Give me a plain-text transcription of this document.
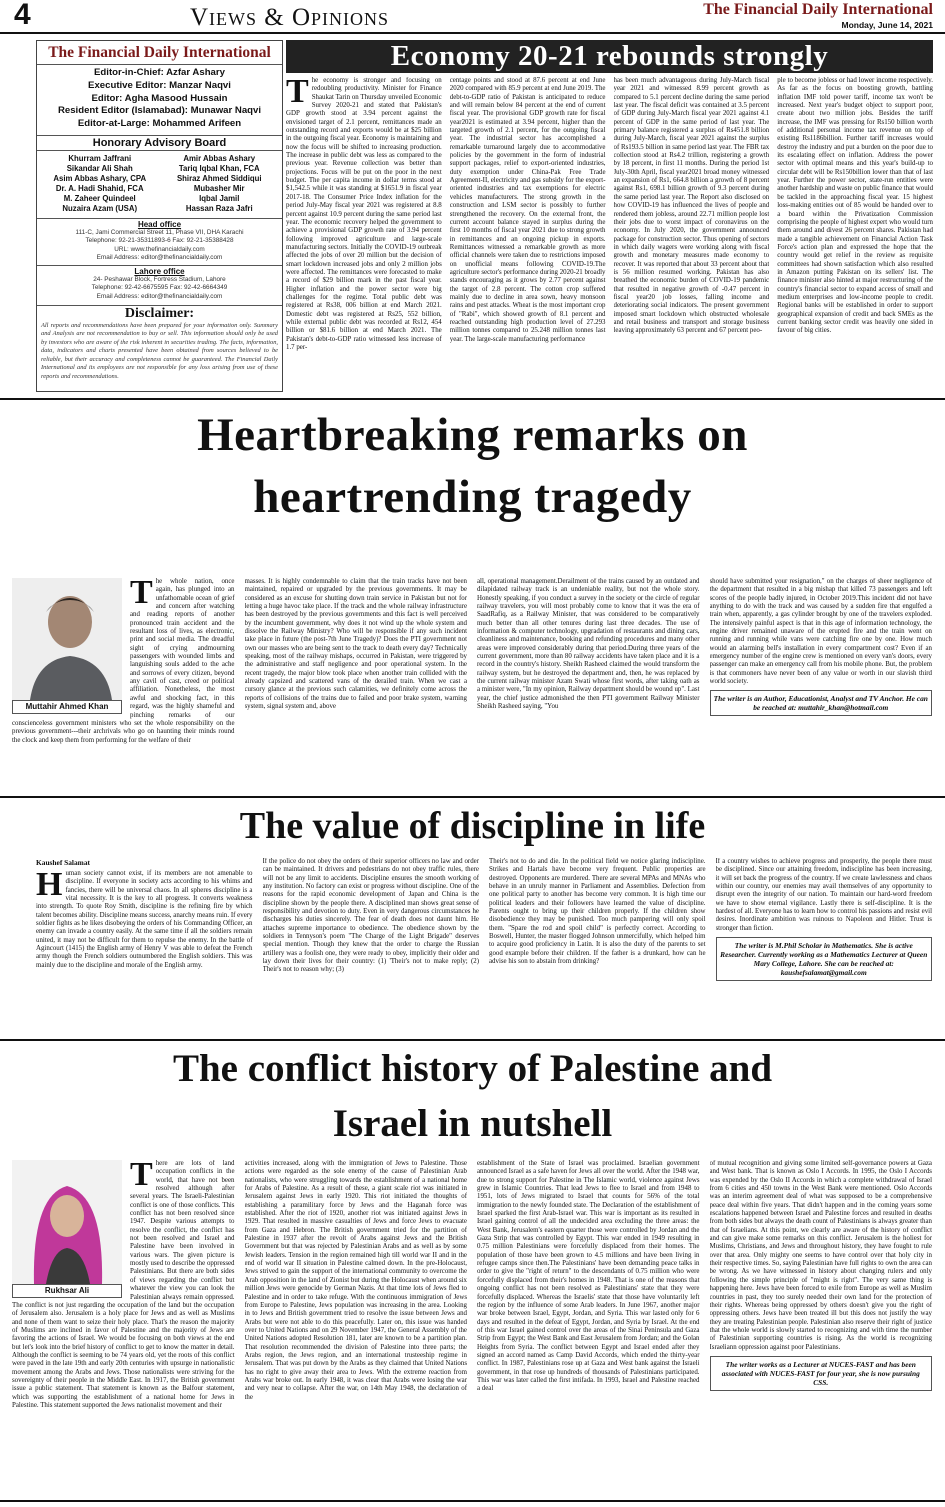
4	Views & Opinions	The Financial Daily International
Monday, June 14, 2021
The Financial Daily International
Editor-in-Chief: Azfar Ashary
Executive Editor: Manzar Naqvi
Editor: Agha Masood Hussain
Resident Editor (Islamabad): Munawar Naqvi
Editor-at-Large: Mohammed Arifeen
Honorary Advisory Board
Khurram Jaffrani
Sikandar Ali Shah
Asim Abbas Ashary, CPA
Dr. A. Hadi Shahid, FCA
M. Zaheer Quindeel
Nuzaira Azam (USA)
Amir Abbas Ashary
Tariq Iqbal Khan, FCA
Shiraz Ahmed Siddiqui
Mubasher Mir
Iqbal Jamil
Hassan Raza Jafri
Head office
111-C, Jami Commercial Street 11, Phase VII, DHA Karachi
Telephone: 92-21-35311893-6 Fax: 92-21-35388428
URL: www.thefinancialdaily.com
Email Address: editor@thefinancialdaily.com
Lahore office
24- Peshawar Block, Fortress Stadium, Lahore
Telephone: 92-42-6675595 Fax: 92-42-6664349
Email Address: editor@thefinancialdaily.com
Disclaimer:
All reports and recommendations have been prepared for your information only. Summary and Analysis are not recommendation to buy or sell. This information should only be used by investors who are aware of the risk inherent in securities trading. The facts, information, data, indicators and charts presented have been obtained from sources believed to be reliable, but their accuracy and completeness cannot be guaranteed. The Financial Daily International and its employees are not responsible for any loss arising from use of these reports and recommendations.
Economy 20-21 rebounds strongly

The economy is stronger and focusing on redoubling productivity. Minister for Finance Shaukat Tarin on Thursday unveiled Economic Survey 2020-21 and stated that Pakistan's GDP growth stood at 3.94 percent against the envisioned target of 2.1 percent, remittances made an outstanding record and exports would be at $25 billion in the outgoing fiscal year. Economy is maintaining and now the focus will be shifted to increasing production. The increase in public debt was less as compared to the previous year. Revenue collection was better than projections. Focus will be put on the poor in the next budget. The per capita income in dollar terms stood at $1,542.5 while it was standing at $1651.9 in fiscal year 2017-18. The Consumer Price Index inflation for the period July-May fiscal year 2021 was registered at 8.8 percent against 10.9 percent during the same period last year. The economic recovery helped the government to achieve a provisional GDP growth rate of 3.94 percent following improved agriculture and large-scale manufacturing sectors. Initially the COVID-19 outbreak affected the jobs of over 20 million but the decision of smart lockdown increased jobs and only 2 million jobs were affected. The remittances were forecasted to make a record of $29 billion mark in the past fiscal year. Higher inflation and the power sector were big challenges for the regime. Total public debt was registered at Rs38, 006 billion at end March 2021. Domestic debt was registered at Rs25, 552 billion, while external public debt was recorded at Rs12, 454 billion or $81.6 billion at end March 2021. The Pakistan's debt-to-GDP ratio witnessed less increase of 1.7 per-

centage points and stood at 87.6 percent at end June 2020 compared with 85.9 percent at end June 2019. The debt-to-GDP ratio of Pakistan is anticipated to reduce and will remain below 84 percent at the end of current fiscal year. The provisional GDP growth rate for fiscal year2021 is estimated at 3.94 percent, higher than the targeted growth of 2.1 percent, for the outgoing fiscal year. The industrial sector has accomplished a remarkable turnaround largely due to accommodative policies by the government in the form of industrial support packages, relief to export-oriented industries, duty exemption under China-Pak Free Trade Agreement-II, electricity and gas subsidy for the export-oriented industries and tax exemptions for electric vehicles manufacturers. The strong growth in the construction and LSM sector is possibly to further strengthened the recovery. On the external front, the current account balance stayed in surplus during the first 10 months of fiscal year 2021 due to strong growth in remittances and an ongoing pickup in exports. Remittances witnessed a remarkable growth as more official channels were taken due to restrictions imposed on unofficial means following COVID-19.The agriculture sector's performance during 2020-21 broadly stands encouraging as it grows by 2.77 percent against the target of 2.8 percent. The cotton crop suffered mainly due to decline in area sown, heavy monsoon rains and pest attacks. Wheat is the most important crop of "Rabi", which showed growth of 8.1 percent and reached outstanding high production level of 27.293 million tonnes compared to 25.248 million tonnes last year. The large-scale manufacturing performance

has been much advantageous during July-March fiscal year 2021 and witnessed 8.99 percent growth as compared to 5.1 percent decline during the same period last year. The fiscal deficit was contained at 3.5 percent of GDP during July-March fiscal year 2021 against 4.1 percent of GDP in the same period of last year. The primary balance registered a surplus of Rs451.8 billion during July-March, fiscal year 2021 against the surplus of Rs193.5 billion in same period last year. The FBR tax collection stood at Rs4.2 trillion, registering a growth by 18 percent, in first 11 months. During the period 1st July-30th April, fiscal year2021 broad money witnessed an expansion of Rs1, 664.8 billion a growth of 8 percent against Rs1, 698.1 billion growth of 9.3 percent during the same period last year. The Report also disclosed on how COVID-19 has influenced the lives of people and rendered them jobless, around 22.71 million people lost their jobs due to worst impact of coronavirus on the economy. In July 2020, the government announced package for construction sector. Thus opening of sectors in which daily wagers were working along with fiscal growth and monetary measures made economy to recover. It was reported that about 33 percent about that is 56 million resumed working. Pakistan has also breathed the economic burden of COVID-19 pandemic that resulted in negative growth of -0.47 percent in fiscal year20 job losses, falling income and deteriorating social indicators. The present government imposed smart lockdown which obstructed wholesale and retail business and transport and storage business leaving approximately 63 percent and 67 percent peo-

ple to become jobless or had lower income respectively. As far as the focus on boosting growth, battling inflation IMF told power tariff, income tax won't be increased. Next year's budget object to support poor, create about two million jobs. Besides the tariff increase, the IMF was pressing for Rs150 billion worth of additional personal income tax revenue on top of existing Rs1186billion. Further tariff increases would destroy the industry and put a burden on the poor due to its escalating effect on inflation. Address the power sector with optimal means and this year's build-up to circular debt will be Rs150billion lower than that of last year. Further the power sector, state-run entities were another hardship and waste on public finance that would be tackled in the approaching fiscal year. 15 highest loss-making entities out of 85 would be handed over to a board within the Privatization Commission comprising the people of highest expert who would turn them around and divest 26 percent shares. Pakistan had made a tangible achievement on Financial Action Task Force's action plan and expressed the hope that the country would get relief in the review as requisite committees had shown satisfaction which also resulted in Amazon putting Pakistan on its sellers' list. The finance minister also hinted at major restructuring of the country's financial sector to expand access of small and medium enterprises and low-income people to credit. Regional banks will be established in order to support geographical expansion of credit and back SMEs as the current banking sector credit was heavily one sided in favour of big cities.

Heartbreaking remarks on
heartrending tragedy
Muttahir Ahmed Khan

The whole nation, once again, has plunged into an unfathomable ocean of grief and concern after watching and reading reports of another pronounced train accident and the resultant loss of lives, as electronic, print and social media. The dreadful sight of crying andmourning passengers with wounded limbs and languishing souls added to the ache and sorrows of every citizen, beyond any cavil of cast, creed or political affiliation. Nonetheless, the most awful and shocking fact, in this regard, was the highly shameful and pinching remarks of our conscienceless government ministers who set the whole responsibility on the previous government---their archrivals who go on haunting their minds round the clock and keep them from performing for the welfare of their

masses. It is highly condemnable to claim that the train tracks have not been maintained, repaired or upgraded by the previous governments. It may be considered as an excuse for shutting down train service in Pakistan but not for letting a huge havoc take place. If the track and the whole railway infrastructure has been destroyed by the previous governments and this fact is well perceived by the incumbent government, why does it not wind up the whole system and dissolve the Railway Ministry? Who will be responsible if any such incident take place in future (the post-7th June Tragedy)? Does the PTI government not own our masses who are being sent to the track to death every day? Technically speaking, most of the railway mishaps, occurred in Pakistan, were triggered by the administrative and staff negligence and poor operational system. In the recent tragedy, the major blow took place when another train collided with the already capsized and scattered vans of the derailed train. When we cast a cursory glance at the previous such calamities, we definitely come across the reports of collisions of the trains due to failed and poor brake system, warning system, signal system and, above

all, operational management.Derailment of the trains caused by an outdated and dilapidated railway track is an undeniable reality, but not the whole story. Honestly speaking, if you conduct a survey in the society or the circle of regular railway travelers, you will most probably come to know that it was the era of SaadRafiq, as a Railway Minister, that was considered to be comparatively much better than all other tenures during last three decades. The use of information & computer technology, upgradation of restaurants and dining cars, cleanliness and maintenance, booking and refunding procedures and many other areas were improved considerably during that period.During three years of the current government, more than 80 railway accidents have taken place and it is a record in the country's history. Sheikh Rasheed claimed the would transform the railway system, but he destroyed the department and, then, he was replaced by the current railway minister Azam Swati whose first words, after taking oath as a minister were, "In my opinion, Railway department should be wound up". Last year, the chief justice admonished the then PTI government Railway Minister Sheikh Rasheed saying, "You

should have submitted your resignation," on the charges of sheer negligence of the department that resulted in a big mishap that killed 73 passengers and left scores of the people badly injured, in October 2019.This incident did not have anything to do with the track and was caused by a sudden fire that engulfed a train when, apparently, a gas cylinder brought by one of the travelers exploded. The intensively painful aspect is that in this age of information technology, the engine driver remained unaware of the erupted fire and the train went on running and running while vans were catching fire one by one. How much would an alarming bell's installation in every compartment cost? Even if an emergency number of the engine crew is mentioned on every van's doors, every passenger can make an emergency call from his mobile phone. But, the problem is that commoners have never been of any value or worth in our slavish third world society.

The writer is an Author, Educationist, Analyst and TV Anchor. He can be reached at: muttahir_khan@hotmail.com
The value of discipline in life
Kaushef Salamat

Human society cannot exist, if its members are not amenable to discipline. If everyone in society acts according to his whims and fancies, there will be universal chaos. In all spheres discipline is a vital necessity. It is the key to all progress. It converts weakness into strength. To quote Roy Smith, discipline is the refining fire by which talent becomes ability. Discipline means success, anarchy means ruin. If every soldier fights as he likes disobeying the orders of his Commanding Officer, an enemy can invade a country easily. At the same time if all the soldiers remain united, it may not be difficult for them to repulse the enemy. In the battle of Agincourt (1415) the English army of Henry V was able to defeat the French army though the French soldiers outnumbered the English soldiers. This was mainly due to the discipline and morale of the English army.

If the police do not obey the orders of their superior officers no law and order can be maintained. It drivers and pedestrians do not obey traffic rules, there will not be any limit to accidents. Discipline ensures the smooth working of any institution. No factory can exist or progress without discipline. One of the reasons for the rapid economic development of Japan and China is the discipline shown by the people there. A disciplined man shows great sense of responsibility and devotion to duty. Even in very dangerous circumstances he discharges his duties sincerely. The fear of death does not daunt him. He attaches supreme importance to obedience. The obedience shown by the soldiers in Tennyson's poem "The Charge of the Light Brigade" deserves special mention. Though they knew that the order to charge the Russian artillery was a foolish one, they were ready to obey, implicitly their older and lay down their lives for their country: (1) 'Their's not to make reply; (2) Their's not to reason why; (3)

Their's not to do and die. In the political field we notice glaring indiscipline. Strikes and Hartals have become very frequent. Public properties are destroyed. Opponents are murdered. There are several MPAs and MNAs who behave in an unruly manner in Parliament and Assemblies. Defection from one political party to another has become very common. It is high time our political leaders and their followers have learned the value of discipline. Parents ought to bring up their children properly. If the children show disobedience they may be punished. Too much pampering will only spoil them. "Spare the rod and spoil child" is perfectly correct. According to Boswell, Hunter, the master flogged Johnson unmercifully, which helped him to acquire good proficiency in Latin. It is also the duty of the parents to set good example before their children. If the father is a drunkard, how can he advise his son to abstain from drinking?

If a country wishes to achieve progress and prosperity, the people there must be disciplined. Since our attaining freedom, indiscipline has been increasing, it will set back the progress of the country. If we create lawlessness and chaos within our country, our enemies may avail themselves of any opportunity to disrupt even the integrity of our nation. To maintain our hard-word freedom we have to show eternal vigilance. Lastly there is self-discipline. It is the hardest of all. Everyone has to learn how to control his passions and resist evil desires. Inordinate ambition was ruinous to Napoleon and Hitler. Trust is stronger than fiction.

The writer is M.Phil Scholar in Mathematics. She is active Researcher. Currently working as a Mathematics Lecturer at Queen Mary College, Lahore. She can be reached at: kaushefsalamat@gmail.com
The conflict history of Palestine and
Israel in nutshell
Rukhsar Ali

There are lots of land occupation conflicts in the world, that have not been resolved although after several years. The Israeli-Palestinian conflict is one of those conflicts. This conflict has not been resolved since 1947. Despite various attempts to resolve the conflict, the conflict has not been resolved and Israel and Palestine have been involved in various wars. The given picture is mostly used to describe the oppressed Palestinians. But there are both sides of views regarding the conflict but whatever the view you can look the Palestinian always remain oppressed. The conflict is not just regarding the occupation of the land but the occupation of Jerusalem also. Jerusalem is a holy place for Jews and as well as Muslims and none of them want to seize their holy place. That's the reason the majority of Muslims are inclined in favor of Palestine and the majority of Jews are favoring the actions of Israel. We would be focusing on both views at the end but let's look into the brief history of conflict to get to know the matter in detail. Although the conflict is seeming to be 74 years old, yet the roots of this conflict were paved in the late 19th and early 20th centuries with upsurge in nationalistic movement among the Arabs and Jews. Those nationalists were striving for the sovereignty of their people in the Middle East. In 1917, the British government issue a public statement. That statement is known as the Balfour statement, which was supporting the establishment of a national home for Jews in Palestine. This statement supported the Jews nationalist movement and their

activities increased, along with the immigration of Jews to Palestine. Those actions were regarded as the sole enemy of the cause of Palestinian Arab nationalists, who were struggling towards the establishment of a national home for Arabs of Palestine. As a result of these, a giant scale riot was initiated in Jerusalem against Jews in early 1920. This riot initiated the thoughts of establishing a paramilitary force by Jews and the Haganah force was established. After the riot of 1920, another riot was initiated against Jews in 1929. That resulted in massive casualties of Jews and force Jews to evacuate from Gaza and Hebron. The British government tried for the partition of Palestine in 1937 after the revolt of Arabs against Jews and the British Government but that was rejected by Palestinian Arabs and as well as by some Jewish leaders. Tension in the region remained high till world war II and in the end of world war II situation in Palestine calmed down. In the pre-Holocaust, Jews strived to gain the support of the international community to overcome the Arab opposition in the land of Zionist but during the Holocaust when around six million Jews were genocide by German Nazis. At that time lots of Jews fled to Palestine and in order to take refuge. With the continuous immigration of Jews from Europe to Palestine, Jews population was increasing in the area. Looking in to Jews and British government tried to resolve the issue between Jews and Arabs but were not able to do this peacefully. Later on, this issue was handed over to United Nations and on 29 November 1947, the General Assembly of the United Nations adopted Resolution 181, later are known to be a partition plan. That resolution recommended the division of Palestine into three parts; the Arabs region, the Jews region, and an international trusteeship regime in Jerusalem. That was put down by the Arabs as they claimed that United Nations has no right to give away their area to Jews. With the extreme reaction from Arabs war broke out. In early 1948, it was clear that Arabs were losing the war and very near to collapse. After the war, on 14th May 1948, the declaration of the

establishment of the State of Israel was proclaimed. Israelian government announced Israel as a safe haven for Jews all over the world. After the 1948 war, due to strong support for Palestine in The Islamic world, violence against Jews grew in Islamic Countries. That lead Jews to flee to Israel and from 1948 to 1951, lots of Jews migrated to Israel that counts for 56% of the total immigration to the newly founded state. The Declaration of the establishment of Israel sparked the first Arab-Israel war. This war is important as its resulted in Israel gaining control of all the undecided area excluding the three areas: the West Bank, Jerusalem's eastern quarter those were controlled by Jordan and the Gaza Strip that was controlled by Egypt. This war ended in 1949 resulting in 0.75 million Palestinians were forcefully displaced from their homes. The population of those have been grown to 4.5 millions and have been living in refugee camps since then.The Palestinians' have been demanding peace talks in order to give the "right of return" to the descendants of 0.75 million who were forcefully displaced from their's homes in 1948. That is one of the reasons that ongoing conflict has not been resolved as Palestinians' state that they were forcefully displaced. Whereas the Israelis' state that those have voluntarily left the region by the influence of some Arab leaders. In June 1967, another major war broke between Israel, Egypt, Jordan, and Syria. This war lasted only for 6 days and resulted in the defeat of Egypt, Jordan, and Syria by Israel. At the end of this war Israel gained control over the areas of the Sinai Peninsula and Gaza Strip from Egypt; the West Bank and East Jerusalem from Jordan; and the Golan Heights from Syria. The conflict between Egypt and Israel ended after they signed an accord named as Camp David Accords, which ended the thirty-year conflict. In 1987, Palestinians rose up at Gaza and West bank against the Israeli government, in that rose up hundreds of thousands of Palestinians participated. This war was later called the first intifada. In 1993, Israel and Palestine reached a deal

of mutual recognition and giving some limited self-governance powers at Gaza and West bank. That is known as Oslo I Accords. In 1995, the Oslo I Accords was expended by the Oslo II Accords in which a complete withdrawal of Israel from 6 cities and 450 towns in the West Bank were mentioned. Oslo Accords was an interim agreement deal of what was supposed to be a comprehensive peace deal within five years. That didn't happen and in the coming years some escalations happened between Israel and Palestine forces and resulted in deaths from both sides but always the death count of Palestinians is always greater than that of Israelians. At this point, we clearly are aware of the history of conflict and can give make some remarks on this conflict. Jerusalem is the holiest for Muslims, Christians, and Jews and throughout history, they have fought to rule over that area. Only mighty one seems to have control over that holy city in their respective times. So, saying Palestinian have full rights to own the area can be wrong. As we have witnessed in history about changing rulers and only following the simple principle of "might is right". The very same thing is happening here. Jews have been forced to exile from Europe as well as Muslim countries in past, they too surely needed their own land for the protection of their rights. Whereas being oppressed by others doesn't give you the right of oppressing others. Jews have been treated ill but this does not justify the way they are treating Palestinian people. Palestinian also reserve their right of justice that the whole world is slowly started to recognizing and with time the number of Palestinian supporting countries is rising. As the world is recognizing Israeliann oppression against poor Palestinians.

The writer works as a Lecturer at NUCES-FAST and has been associated with NUCES-FAST for four year, she is now pursuing CSS.
